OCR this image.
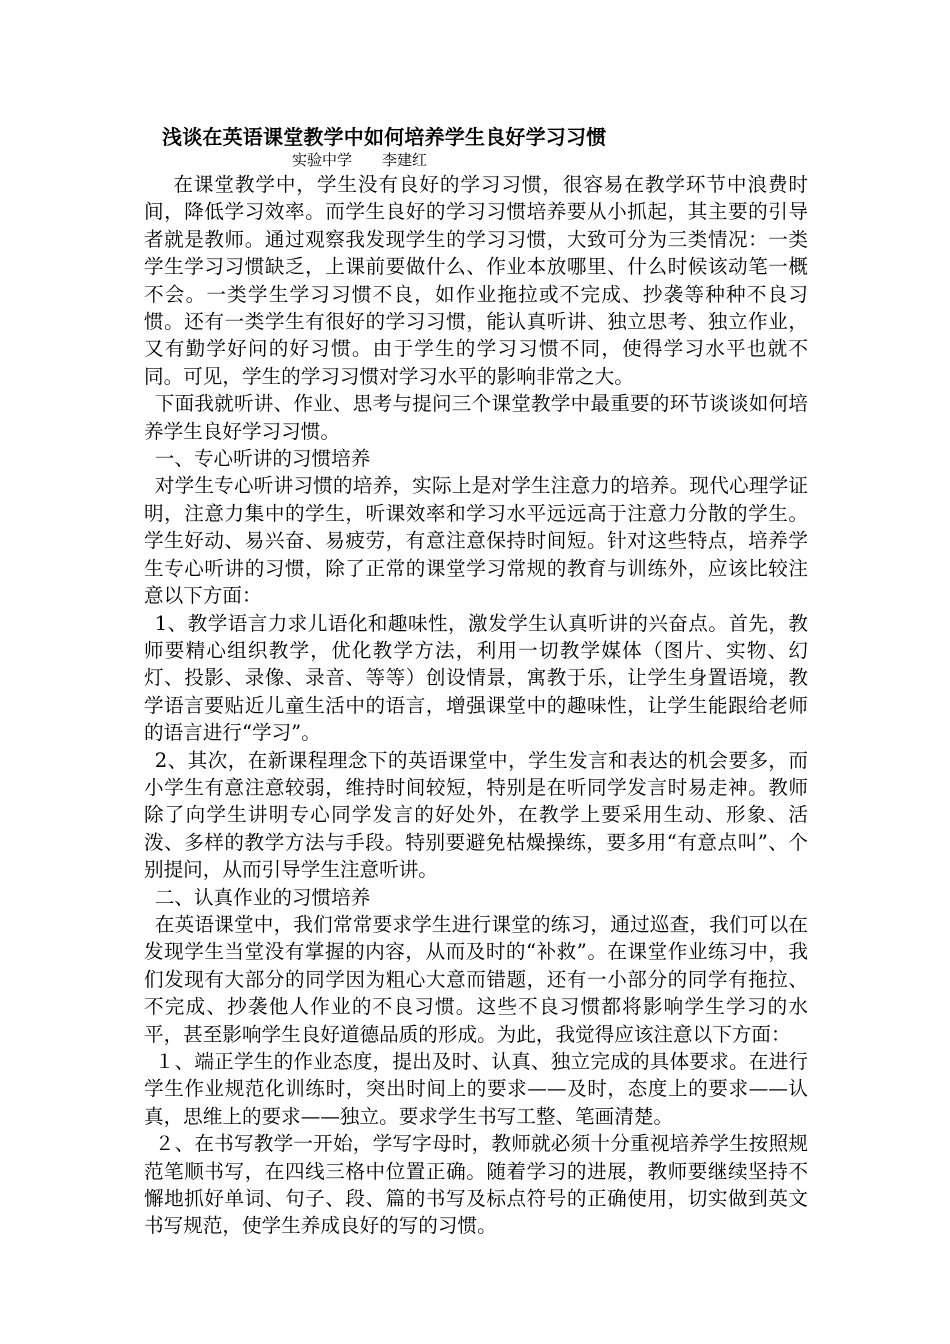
浅谈在英语课堂教学中如何培养学生良好学习习惯
实验中学 李建红

在课堂教学中，学生没有良好的学习习惯，很容易在教学环节中浪费时间，降低学习效率。而学生良好的学习习惯培养要从小抓起，其主要的引导者就是教师。通过观察我发现学生的学习习惯，大致可分为三类情况：一类学生学习习惯缺乏，上课前要做什么、作业本放哪里、什么时候该动笔一概不会。一类学生学习习惯不良，如作业拖拉或不完成、抄袭等种种不良习惯。还有一类学生有很好的学习习惯，能认真听讲、独立思考、独立作业，又有勤学好问的好习惯。由于学生的学习习惯不同，使得学习水平也就不同。可见，学生的学习习惯对学习水平的影响非常之大。

下面我就听讲、作业、思考与提问三个课堂教学中最重要的环节谈谈如何培养学生良好学习习惯。

一、专心听讲的习惯培养

对学生专心听讲习惯的培养，实际上是对学生注意力的培养。现代心理学证明，注意力集中的学生，听课效率和学习水平远远高于注意力分散的学生。学生好动、易兴奋、易疲劳，有意注意保持时间短。针对这些特点，培养学生专心听讲的习惯，除了正常的课堂学习常规的教育与训练外，应该比较注意以下方面：

1、教学语言力求儿语化和趣味性，激发学生认真听讲的兴奋点。首先，教师要精心组织教学，优化教学方法，利用一切教学媒体（图片、实物、幻灯、投影、录像、录音、等等）创设情景，寓教于乐，让学生身置语境，教学语言要贴近儿童生活中的语言，增强课堂中的趣味性，让学生能跟给老师的语言进行“学习”。

2、其次，在新课程理念下的英语课堂中，学生发言和表达的机会要多，而小学生有意注意较弱，维持时间较短，特别是在听同学发言时易走神。教师除了向学生讲明专心同学发言的好处外，在教学上要采用生动、形象、活泼、多样的教学方法与手段。特别要避免枯燥操练，要多用“有意点叫”、个别提问，从而引导学生注意听讲。

二、认真作业的习惯培养

在英语课堂中，我们常常要求学生进行课堂的练习，通过巡查，我们可以在发现学生当堂没有掌握的内容，从而及时的“补救”。在课堂作业练习中，我们发现有大部分的同学因为粗心大意而错题，还有一小部分的同学有拖拉、不完成、抄袭他人作业的不良习惯。这些不良习惯都将影响学生学习的水平，甚至影响学生良好道德品质的形成。为此，我觉得应该注意以下方面：

１、端正学生的作业态度，提出及时、认真、独立完成的具体要求。在进行学生作业规范化训练时，突出时间上的要求——及时，态度上的要求——认真，思维上的要求——独立。要求学生书写工整、笔画清楚。

２、在书写教学一开始，学写字母时，教师就必须十分重视培养学生按照规范笔顺书写，在四线三格中位置正确。随着学习的进展，教师要继续坚持不懈地抓好单词、句子、段、篇的书写及标点符号的正确使用，切实做到英文书写规范，使学生养成良好的写的习惯。
